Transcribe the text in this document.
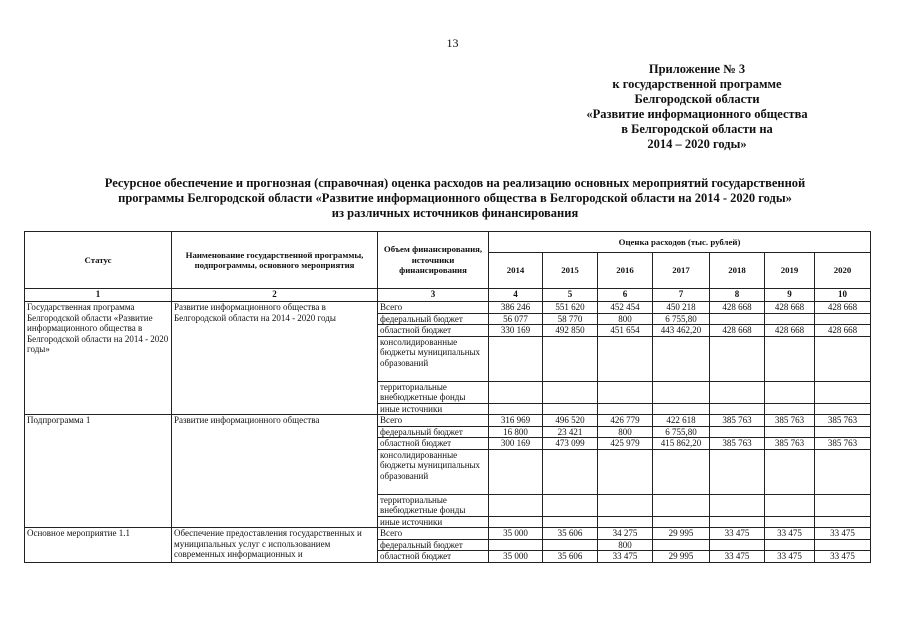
13
Приложение № 3
к государственной программе
Белгородской области
«Развитие информационного общества
в Белгородской области на
2014 – 2020 годы»
Ресурсное обеспечение и прогнозная (справочная) оценка расходов на реализацию основных мероприятий государственной
программы Белгородской области «Развитие информационного общества в Белгородской области на 2014 - 2020 годы»
из различных источников финансирования
Статус	Наименование государственной программы, подпрограммы, основного мероприятия	Объем финансирования, источники финансирования	Оценка расходов (тыс. рублей)						
			2014	2015	2016	2017	2018	2019	2020
1	2	3	4	5	6	7	8	9	10
Государственная программа Белгородской области «Развитие информационного общества в Белгородской области на 2014 - 2020 годы»	Развитие информационного общества в Белгородской области на 2014 - 2020 годы	Всего	386 246	551 620	452 454	450 218	428 668	428 668	428 668
		федеральный бюджет	56 077	58 770	800	6 755,80			
		областной бюджет	330 169	492 850	451 654	443 462,20	428 668	428 668	428 668
		консолидированные бюджеты муниципальных образований							
		территориальные внебюджетные фонды							
		иные источники							
Подпрограмма 1	Развитие информационного общества	Всего	316 969	496 520	426 779	422 618	385 763	385 763	385 763
		федеральный бюджет	16 800	23 421	800	6 755,80			
		областной бюджет	300 169	473 099	425 979	415 862,20	385 763	385 763	385 763
		консолидированные бюджеты муниципальных образований							
		территориальные внебюджетные фонды							
		иные источники							
Основное мероприятие 1.1	Обеспечение предоставления государственных и муниципальных услуг с использованием современных информационных и	Всего	35 000	35 606	34 275	29 995	33 475	33 475	33 475
		федеральный бюджет			800				
		областной бюджет	35 000	35 606	33 475	29 995	33 475	33 475	33 475
